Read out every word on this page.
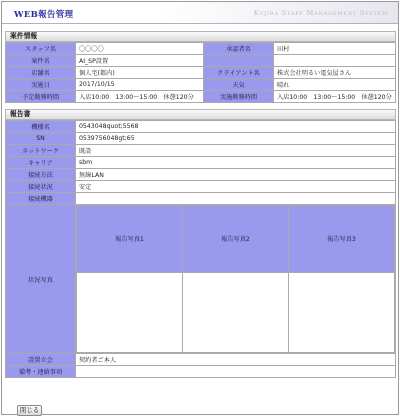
WEB報告管理	Kujira Staff Management System
案件情報
スタッフ名	〇〇〇〇	承認者名	田村
案件名	AI_SP設置		
店舗名	個人宅(都内)	クライアント名	株式会社明るい電気屋さん
実施日	2017/10/15	天気	晴れ
予定勤務時間	入店10:00　13:00～15:00　休憩120分	実施勤務時間	入店10:00　13:00～15:00　休憩120分
報告書
機種名	0543048quot;5568
SN	0539756048gt;65
ネットワーク	既設
キャリア	sbm
接続方法	無線LAN
接続状況	安定
接続機器	
状況写真	
報告写真1	報告写真2	報告写真3

設置立会	契約者ご本人
備考・連絡事項	
閉じる
